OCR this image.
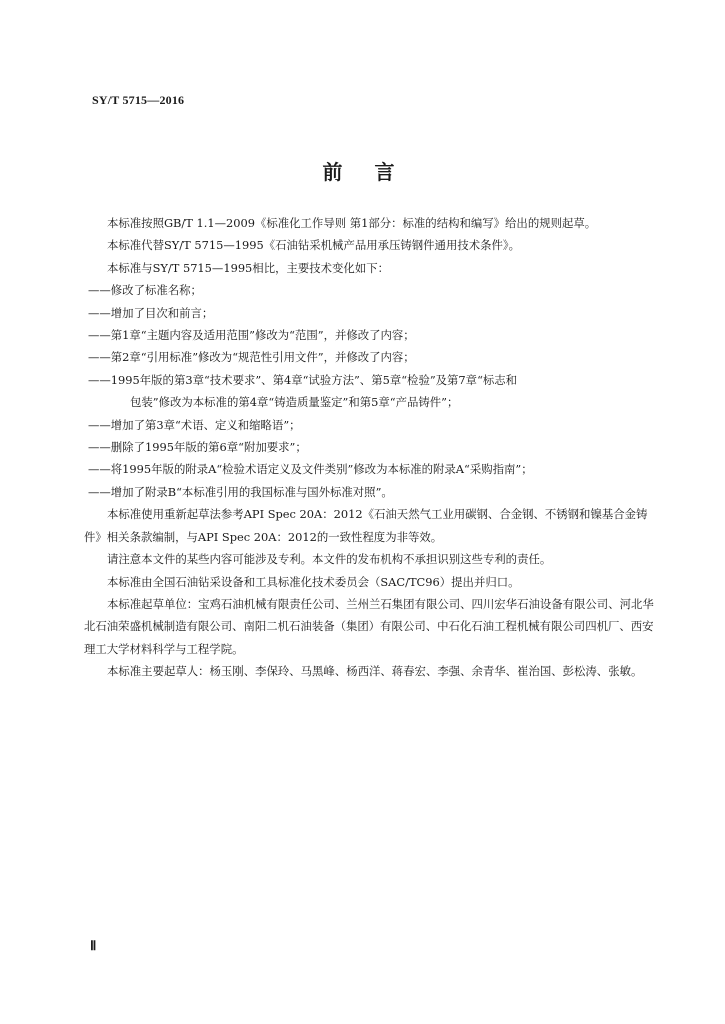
SY/T 5715—2016
前言

本标准按照GB/T 1.1—2009《标准化工作导则 第1部分：标准的结构和编写》给出的规则起草。

本标准代替SY/T 5715—1995《石油钻采机械产品用承压铸钢件通用技术条件》。

本标准与SY/T 5715—1995相比，主要技术变化如下：

——修改了标准名称；

——增加了目次和前言；

——第1章“主题内容及适用范围”修改为“范围”，并修改了内容；

——第2章“引用标准”修改为“规范性引用文件”，并修改了内容；

——1995年版的第3章“技术要求”、第4章“试验方法”、第5章“检验”及第7章“标志和

包装”修改为本标准的第4章“铸造质量鉴定”和第5章“产品铸件”；

——增加了第3章“术语、定义和缩略语”；

——删除了1995年版的第6章“附加要求”；

——将1995年版的附录A“检验术语定义及文件类别”修改为本标准的附录A“采购指南”；

——增加了附录B“本标准引用的我国标准与国外标准对照”。

本标准使用重新起草法参考API Spec 20A：2012《石油天然气工业用碳钢、合金钢、不锈钢和镍基合金铸件》相关条款编制，与API Spec 20A：2012的一致性程度为非等效。

请注意本文件的某些内容可能涉及专利。本文件的发布机构不承担识别这些专利的责任。

本标准由全国石油钻采设备和工具标准化技术委员会（SAC/TC96）提出并归口。

本标准起草单位：宝鸡石油机械有限责任公司、兰州兰石集团有限公司、四川宏华石油设备有限公司、河北华北石油荣盛机械制造有限公司、南阳二机石油装备（集团）有限公司、中石化石油工程机械有限公司四机厂、西安理工大学材料科学与工程学院。

本标准主要起草人：杨玉刚、李保玲、马黑峰、杨西洋、蒋春宏、李强、余青华、崔治国、彭松涛、张敏。

Ⅱ
